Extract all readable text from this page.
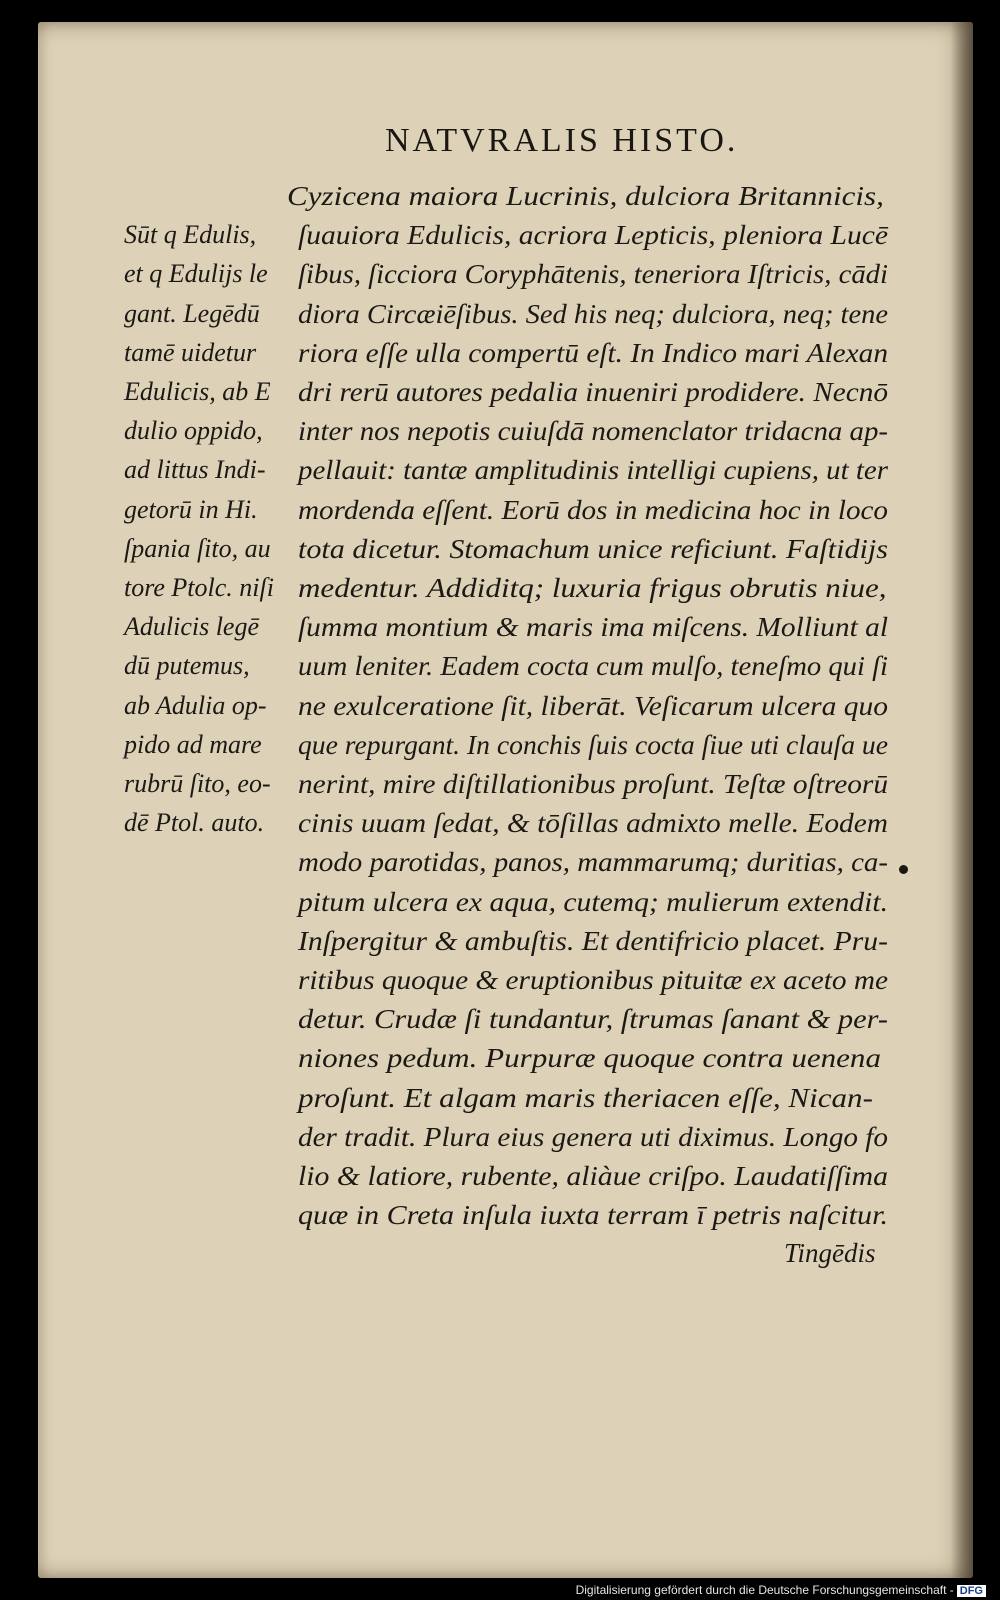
NATVRALIS HISTO.
Cyzicena maiora Lucrinis, dulciora Britannicis,
ſuauiora Edulicis, acriora Lepticis, pleniora Lucē
ſibus, ſicciora Coryphātenis, teneriora Iſtricis, cādi
diora Circæiēſibus. Sed his neq; dulciora, neq; tene
riora eſſe ulla compertū eſt. In Indico mari Alexan
dri rerū autores pedalia inueniri prodidere. Necnō
inter nos nepotis cuiuſdā nomenclator tridacna ap-
pellauit: tantæ amplitudinis intelligi cupiens, ut ter
mordenda eſſent. Eorū dos in medicina hoc in loco
tota dicetur. Stomachum unice reficiunt. Faſtidijs
medentur. Addiditq; luxuria frigus obrutis niue,
ſumma montium & maris ima miſcens. Molliunt al
uum leniter. Eadem cocta cum mulſo, teneſmo qui ſi
ne exulceratione ſit, liberāt. Veſicarum ulcera quo
que repurgant. In conchis ſuis cocta ſiue uti clauſa ue
nerint, mire diſtillationibus proſunt. Teſtæ oſtreorū
cinis uuam ſedat, & tōſillas admixto melle. Eodem
modo parotidas, panos, mammarumq; duritias, ca-
pitum ulcera ex aqua, cutemq; mulierum extendit.
Inſpergitur & ambuſtis. Et dentifricio placet. Pru-
ritibus quoque & eruptionibus pituitæ ex aceto me
detur. Crudæ ſi tundantur, ſtrumas ſanant & per-
niones pedum. Purpuræ quoque contra uenena
proſunt. Et algam maris theriacen eſſe, Nican-
der tradit. Plura eius genera uti diximus. Longo fo
lio & latiore, rubente, aliàue criſpo. Laudatiſſima
quæ in Creta inſula iuxta terram ī petris naſcitur.
Sūt q Edulis,
et q Edulijs le
gant. Legēdū
tamē uidetur
Edulicis, ab E
dulio oppido,
ad littus Indi-
getorū in Hi.
ſpania ſito, au
tore Ptolc. niſi
Adulicis legē
dū putemus,
ab Adulia op-
pido ad mare
rubrū ſito, eo-
dē Ptol. auto.
Tingēdis
Digitalisierung gefördert durch die Deutsche Forschungsgemeinschaft - DFG
